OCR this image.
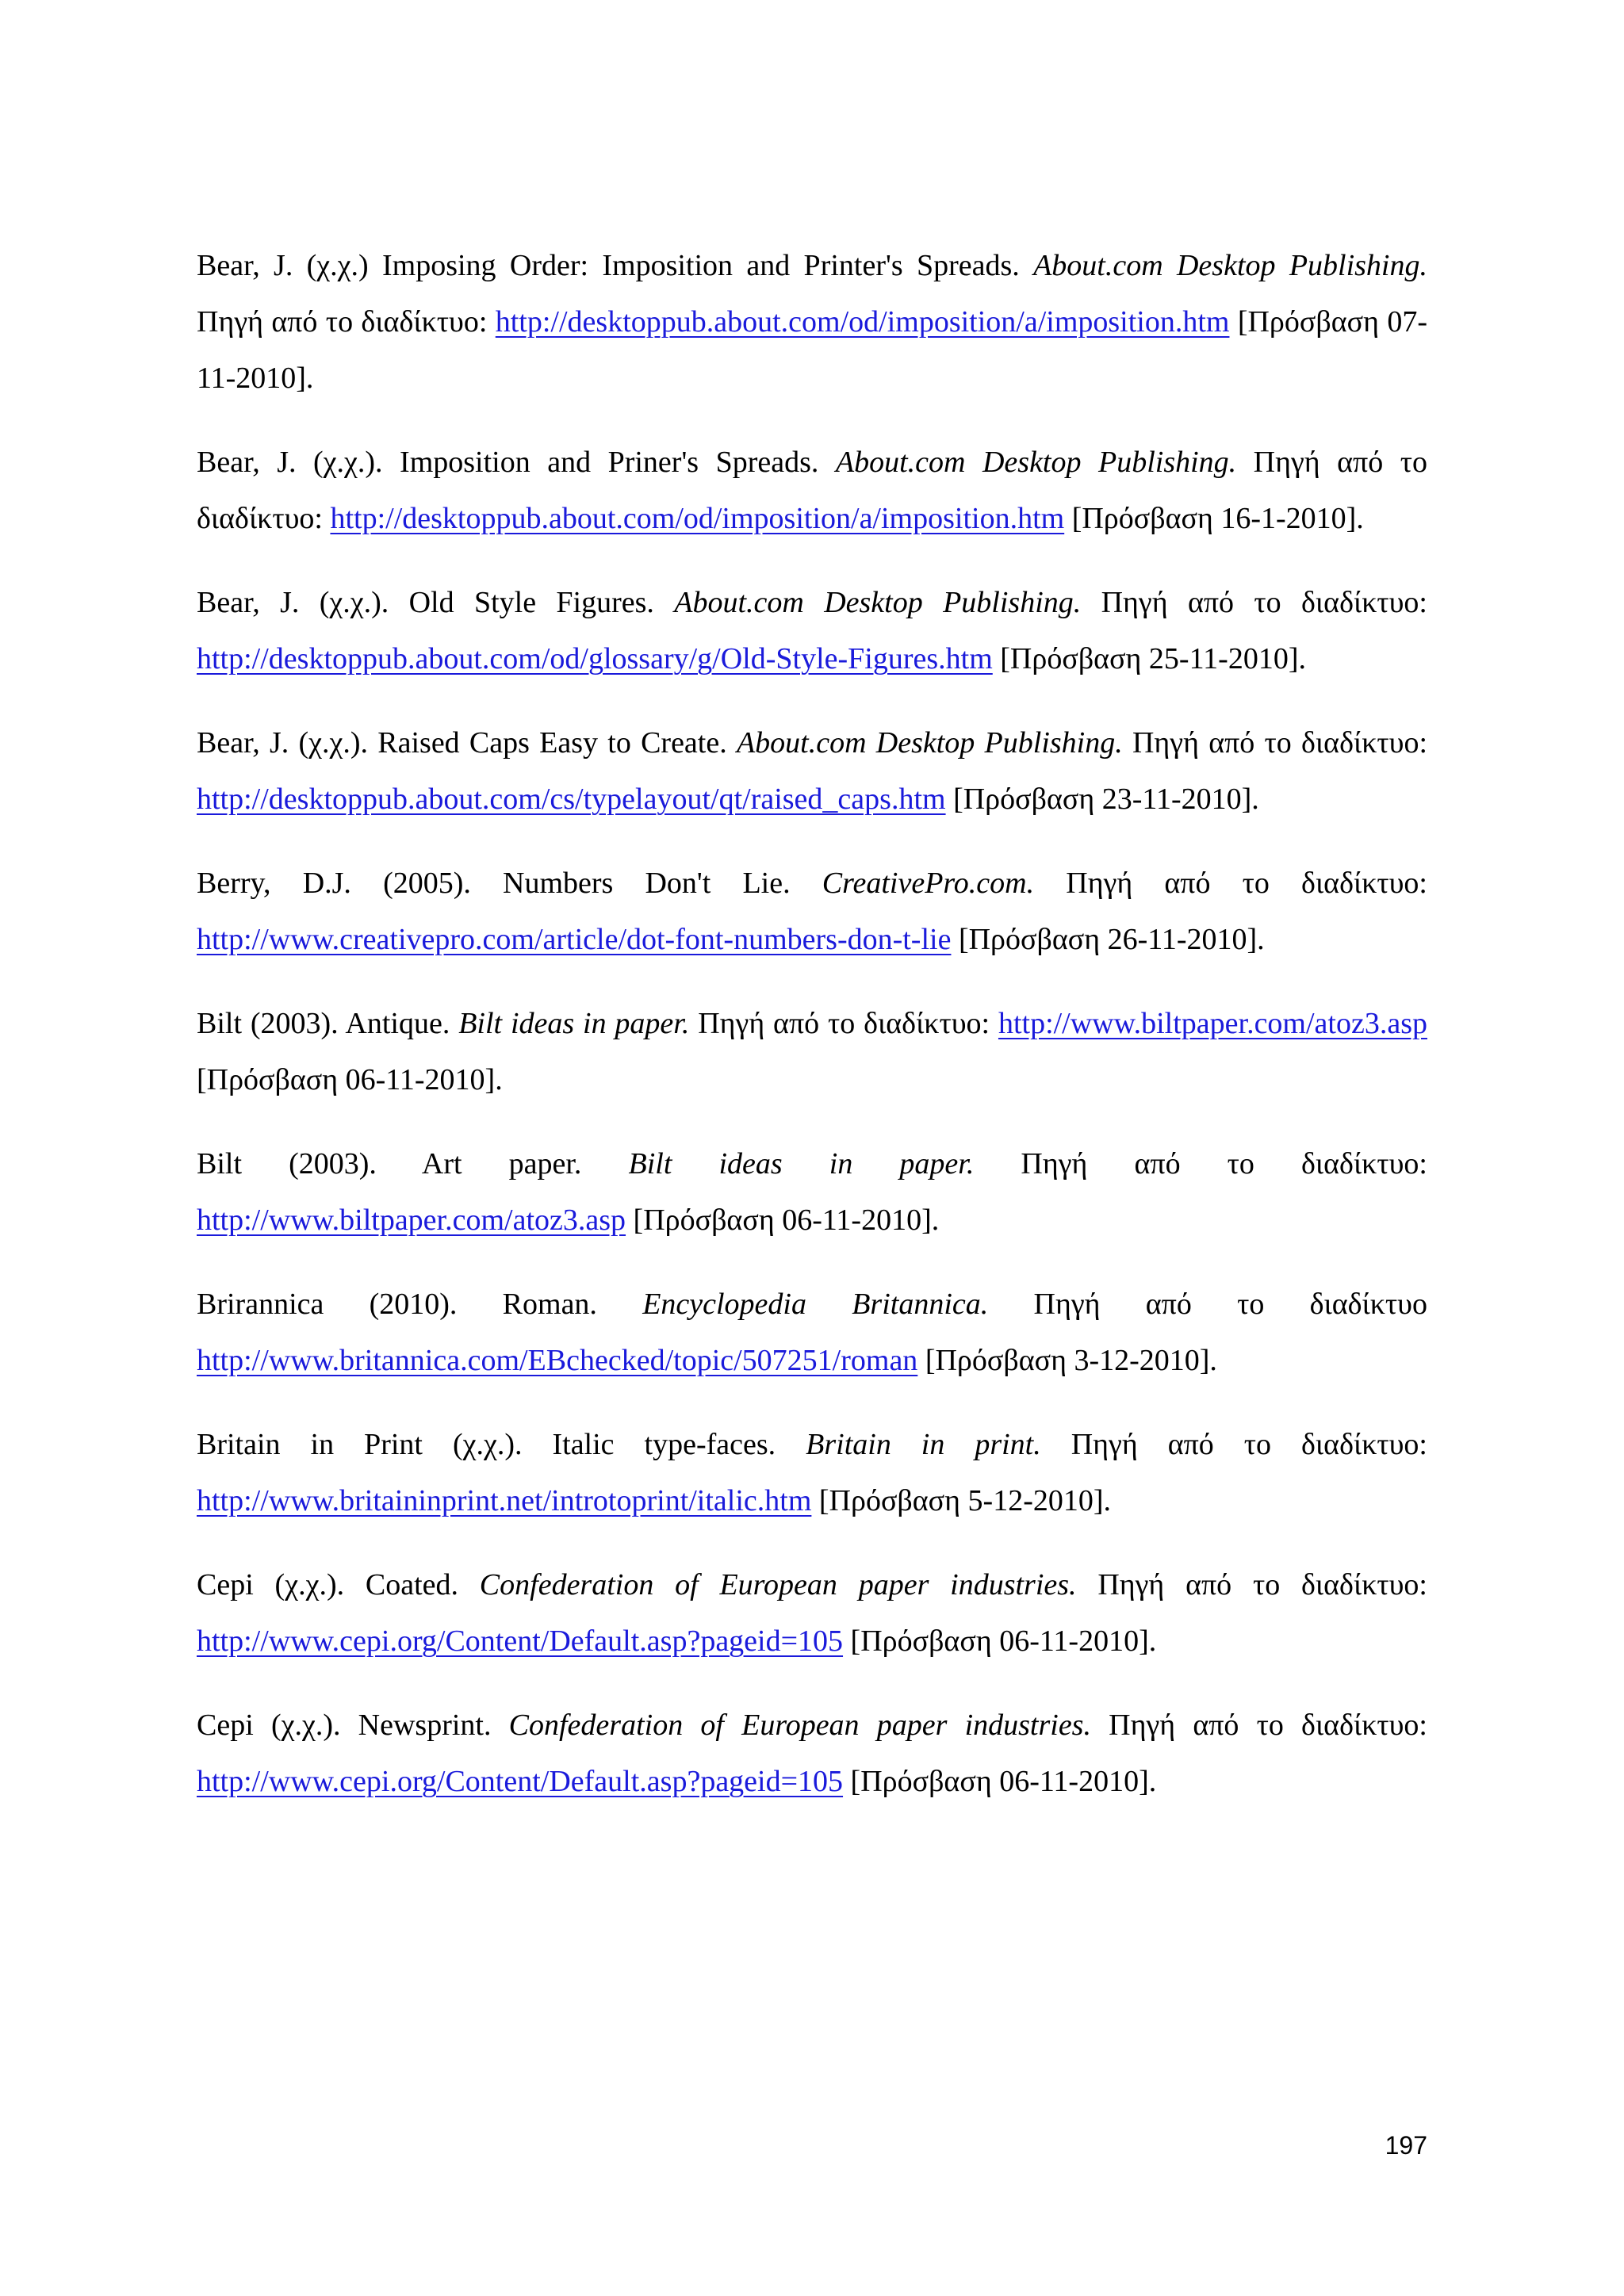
Bear, J. (χ.χ.) Imposing Order: Imposition and Printer's Spreads. About.com Desktop Publishing. Πηγή από το διαδίκτυο: http://desktoppub.about.com/od/imposition/a/imposition.htm [Πρόσβαση 07-11-2010].

Bear, J. (χ.χ.). Imposition and Priner's Spreads. About.com Desktop Publishing. Πηγή από το διαδίκτυο: http://desktoppub.about.com/od/imposition/a/imposition.htm [Πρόσβαση 16-1-2010].

Bear, J. (χ.χ.). Old Style Figures. About.com Desktop Publishing. Πηγή από το διαδίκτυο: http://desktoppub.about.com/od/glossary/g/Old-Style-Figures.htm [Πρόσβαση 25-11-2010].

Bear, J. (χ.χ.). Raised Caps Easy to Create. About.com Desktop Publishing. Πηγή από το διαδίκτυο: http://desktoppub.about.com/cs/typelayout/qt/raised_caps.htm [Πρόσβαση 23-11-2010].

Berry, D.J. (2005). Numbers Don't Lie. CreativePro.com. Πηγή από το διαδίκτυο: http://www.creativepro.com/article/dot-font-numbers-don-t-lie [Πρόσβαση 26-11-2010].

Bilt (2003). Antique. Bilt ideas in paper. Πηγή από το διαδίκτυο: http://www.biltpaper.com/atoz3.asp [Πρόσβαση 06-11-2010].

Bilt (2003). Art paper. Bilt ideas in paper. Πηγή από το διαδίκτυο: http://www.biltpaper.com/atoz3.asp [Πρόσβαση 06-11-2010].

Brirannica (2010). Roman. Encyclopedia Britannica. Πηγή από το διαδίκτυο http://www.britannica.com/EBchecked/topic/507251/roman [Πρόσβαση 3-12-2010].

Britain in Print (χ.χ.). Italic type-faces. Britain in print. Πηγή από το διαδίκτυο: http://www.britaininprint.net/introtoprint/italic.htm [Πρόσβαση 5-12-2010].

Cepi (χ.χ.). Coated. Confederation of European paper industries. Πηγή από το διαδίκτυο: http://www.cepi.org/Content/Default.asp?pageid=105 [Πρόσβαση 06-11-2010].

Cepi (χ.χ.). Newsprint. Confederation of European paper industries. Πηγή από το διαδίκτυο: http://www.cepi.org/Content/Default.asp?pageid=105 [Πρόσβαση 06-11-2010].

197
